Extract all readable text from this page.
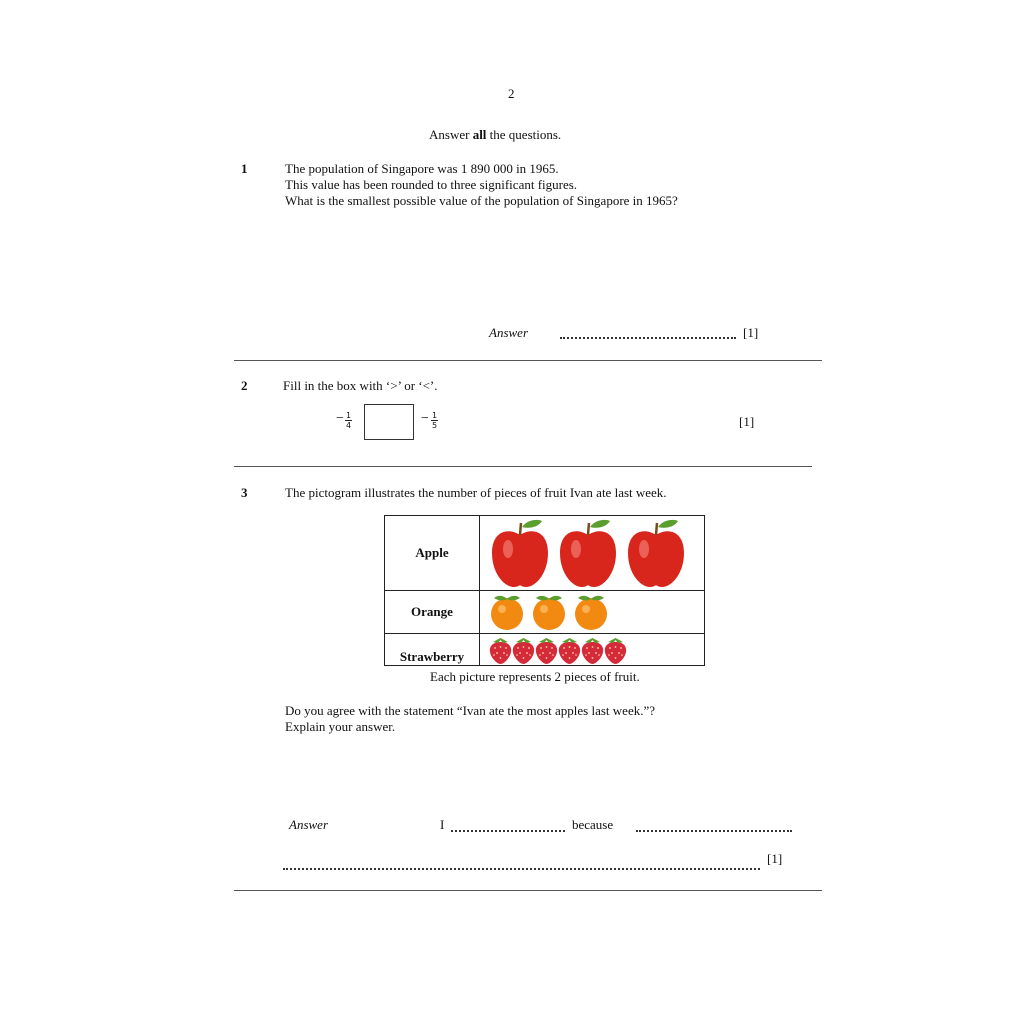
2
Answer all the questions.
1	The population of Singapore was 1 890 000 in 1965.
This value has been rounded to three significant figures.
What is the smallest possible value of the population of Singapore in 1965?
Answer	[1]
2	Fill in the box with ‘>’ or ‘<’.
− $\frac{1}{4}$	− $\frac{1}{5}$	[1]
3	The pictogram illustrates the number of pieces of fruit Ivan ate last week.
Apple	

Orange	

Strawberry	
Each picture represents 2 pieces of fruit.
Do you agree with the statement “Ivan ate the most apples last week.”?
Explain your answer.
Answer	I	because
[1]
